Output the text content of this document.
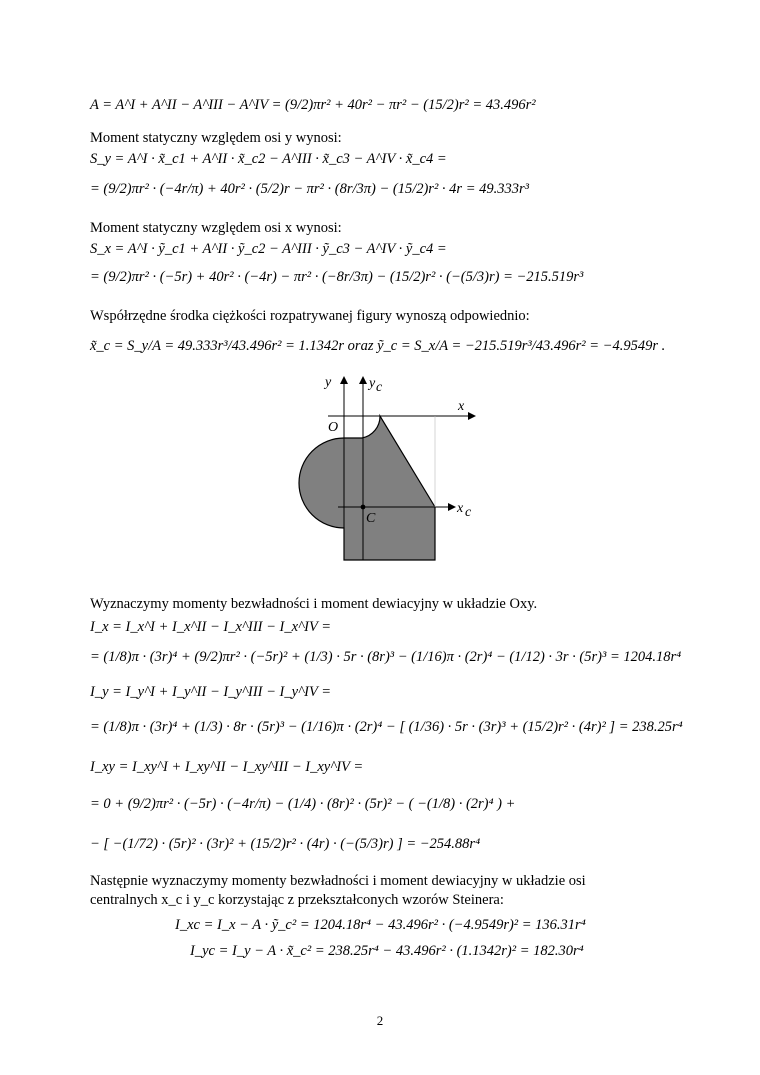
A = A^I + A^II − A^III − A^IV = (9/2)πr² + 40r² − πr² − (15/2)r² = 43.496r²
Moment statyczny względem osi y wynosi:
S_y = A^I · x̃_c1 + A^II · x̃_c2 − A^III · x̃_c3 − A^IV · x̃_c4 =
= (9/2)πr² · (−4r/π) + 40r² · (5/2)r − πr² · (8r/3π) − (15/2)r² · 4r = 49.333r³
Moment statyczny względem osi x wynosi:
S_x = A^I · ỹ_c1 + A^II · ỹ_c2 − A^III · ỹ_c3 − A^IV · ỹ_c4 =
= (9/2)πr² · (−5r) + 40r² · (−4r) − πr² · (−8r/3π) − (15/2)r² · (−(5/3)r) = −215.519r³
Współrzędne środka ciężkości rozpatrywanej figury wynoszą odpowiednio:
x̃_c = S_y/A = 49.333r³/43.496r² = 1.1342r oraz ỹ_c = S_x/A = −215.519r³/43.496r² = −4.9549r .
y	y c
x
x c
O
C
Wyznaczymy momenty bezwładności i moment dewiacyjny w układzie Oxy.
I_x = I_x^I + I_x^II − I_x^III − I_x^IV =
= (1/8)π · (3r)⁴ + (9/2)πr² · (−5r)² + (1/3) · 5r · (8r)³ − (1/16)π · (2r)⁴ − (1/12) · 3r · (5r)³ = 1204.18r⁴
I_y = I_y^I + I_y^II − I_y^III − I_y^IV =
= (1/8)π · (3r)⁴ + (1/3) · 8r · (5r)³ − (1/16)π · (2r)⁴ − [ (1/36) · 5r · (3r)³ + (15/2)r² · (4r)² ] = 238.25r⁴
I_xy = I_xy^I + I_xy^II − I_xy^III − I_xy^IV =
= 0 + (9/2)πr² · (−5r) · (−4r/π) − (1/4) · (8r)² · (5r)² − ( −(1/8) · (2r)⁴ ) +
− [ −(1/72) · (5r)² · (3r)² + (15/2)r² · (4r) · (−(5/3)r) ] = −254.88r⁴
Następnie wyznaczymy momenty bezwładności i moment dewiacyjny w układzie osi
centralnych x_c i y_c korzystając z przekształconych wzorów Steinera:
I_xc = I_x − A · ỹ_c² = 1204.18r⁴ − 43.496r² · (−4.9549r)² = 136.31r⁴
I_yc = I_y − A · x̃_c² = 238.25r⁴ − 43.496r² · (1.1342r)² = 182.30r⁴
2
